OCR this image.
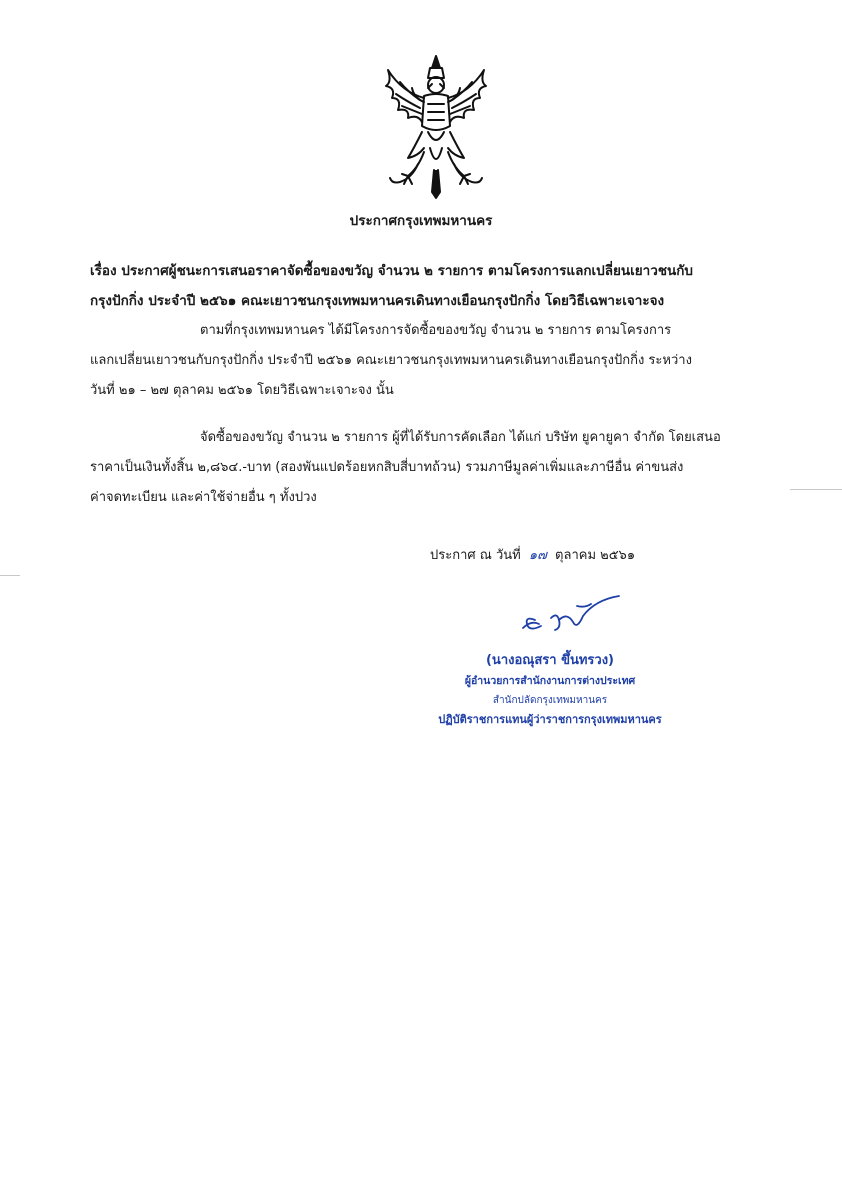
ประกาศกรุงเทพมหานคร

เรื่อง ประกาศผู้ชนะการเสนอราคาจัดซื้อของขวัญ จำนวน ๒ รายการ ตามโครงการแลกเปลี่ยนเยาวชนกับ

กรุงปักกิ่ง ประจำปี ๒๕๖๑ คณะเยาวชนกรุงเทพมหานครเดินทางเยือนกรุงปักกิ่ง โดยวิธีเฉพาะเจาะจง

ตามที่กรุงเทพมหานคร ได้มีโครงการจัดซื้อของขวัญ จำนวน ๒ รายการ ตามโครงการ

แลกเปลี่ยนเยาวชนกับกรุงปักกิ่ง ประจำปี ๒๕๖๑ คณะเยาวชนกรุงเทพมหานครเดินทางเยือนกรุงปักกิ่ง ระหว่าง

วันที่ ๒๑ – ๒๗ ตุลาคม ๒๕๖๑ โดยวิธีเฉพาะเจาะจง นั้น

จัดซื้อของขวัญ จำนวน ๒ รายการ ผู้ที่ได้รับการคัดเลือก ได้แก่ บริษัท ยูคายูคา จำกัด โดยเสนอ

ราคาเป็นเงินทั้งสิ้น ๒,๘๖๔.-บาท (สองพันแปดร้อยหกสิบสี่บาทถ้วน) รวมภาษีมูลค่าเพิ่มและภาษีอื่น ค่าขนส่ง

ค่าจดทะเบียน และค่าใช้จ่ายอื่น ๆ ทั้งปวง

ประกาศ ณ วันที่ ๑๗ ตุลาคม ๒๕๖๑
(นางอณุสรา ขึ้นทรวง)
ผู้อำนวยการสำนักงานการต่างประเทศ
สำนักปลัดกรุงเทพมหานคร
ปฏิบัติราชการแทนผู้ว่าราชการกรุงเทพมหานคร
